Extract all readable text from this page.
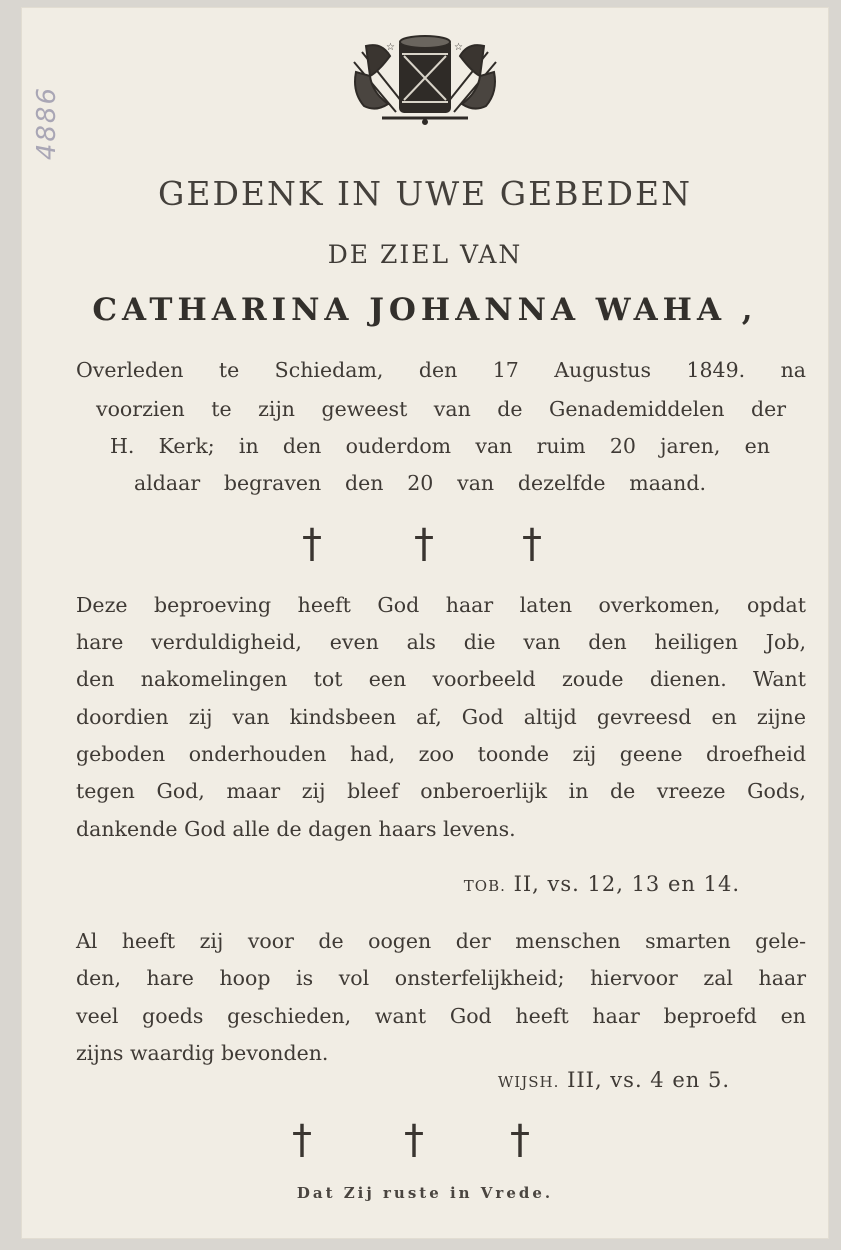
4886
☆	☆
GEDENK IN UWE GEBEDEN
DE ZIEL VAN
CATHARINA JOHANNA WAHA ,
Overleden te Schiedam, den 17 Augustus 1849. na
voorzien te zijn geweest van de Genademiddelen der
H. Kerk; in den ouderdom van ruim 20 jaren, en
aldaar begraven den 20 van dezelfde maand.
† † †
Deze beproeving heeft God haar laten overkomen, opdat
hare verduldigheid, even als die van den heiligen Job,
den nakomelingen tot een voorbeeld zoude dienen. Want
doordien zij van kindsbeen af, God altijd gevreesd en zijne
geboden onderhouden had, zoo toonde zij geene droefheid
tegen God, maar zij bleef onberoerlijk in de vreeze Gods,
dankende God alle de dagen haars levens.
TOB. II, vs. 12, 13 en 14.
Al heeft zij voor de oogen der menschen smarten gele-
den, hare hoop is vol onsterfelijkheid; hiervoor zal haar
veel goeds geschieden, want God heeft haar beproefd en
zijns waardig bevonden.
WIJSH. III, vs. 4 en 5.
† † †
Dat Zij ruste in Vrede.
